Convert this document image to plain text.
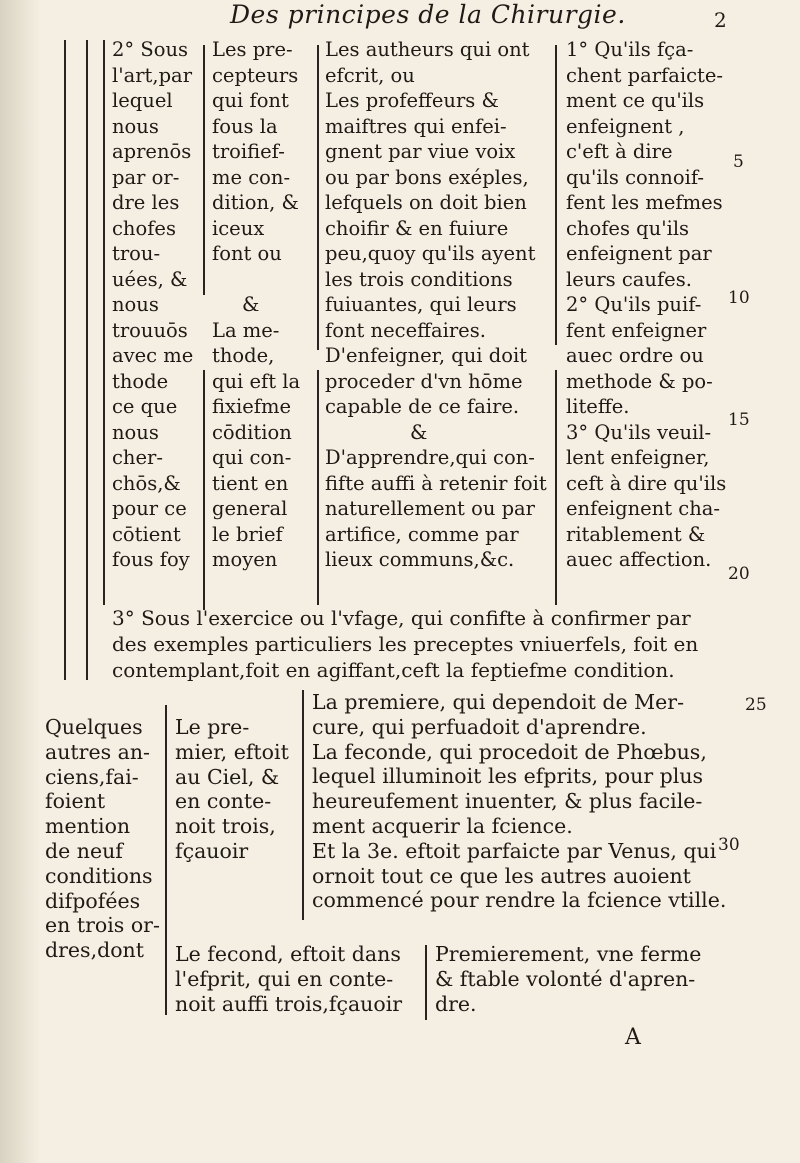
Des principes de la Chirurgie.	2
2° Sous
l'art,par
lequel
nous
aprenōs
par or-
dre les
chofes
trou-
uées, &
nous
trouuōs
avec me
thode
ce que
nous
cher-
chōs,&
pour ce
cōtient
fous foy
Les pre-
cepteurs
qui font
fous la
troifief-
me con-
dition, &
iceux
font ou
&
La me-
thode,
qui eft la
fixiefme
cōdition
qui con-
tient en
general
le brief
moyen
Les autheurs qui ont
efcrit, ou
Les profeffeurs &
maiftres qui enfei-
gnent par viue voix
ou par bons exéples,
lefquels on doit bien
choifir & en fuiure
peu,quoy qu'ils ayent
les trois conditions
fuiuantes, qui leurs
font neceffaires.
D'enfeigner, qui doit
proceder d'vn hōme
capable de ce faire.
&
D'apprendre,qui con-
fifte auffi à retenir foit
naturellement ou par
artifice, comme par
lieux communs,&c.
1° Qu'ils fça-
chent parfaicte-
ment ce qu'ils
enfeignent ,
c'eft à dire
qu'ils connoif-
fent les mefmes
chofes qu'ils
enfeignent par
leurs caufes.
2° Qu'ils puif-
fent enfeigner
auec ordre ou
methode & po-
liteffe.
3° Qu'ils veuil-
lent enfeigner,
ceft à dire qu'ils
enfeignent cha-
ritablement &
auec affection.
5
10
15
20
25
30
3° Sous l'exercice ou l'vfage, qui confifte à confirmer par
des exemples particuliers les preceptes vniuerfels, foit en
contemplant,foit en agiffant,ceft la feptiefme condition.
Quelques
autres an-
ciens,fai-
foient
mention
de neuf
conditions
difpofées
en trois or-
dres,dont
Le pre-
mier, eftoit
au Ciel, &
en conte-
noit trois,
fçauoir
La premiere, qui dependoit de Mer-
cure, qui perfuadoit d'aprendre.
La feconde, qui procedoit de Phœbus,
lequel illuminoit les efprits, pour plus
heureufement inuenter, & plus facile-
ment acquerir la fcience.
Et la 3e. eftoit parfaicte par Venus, qui
ornoit tout ce que les autres auoient
commencé pour rendre la fcience vtille.
Le fecond, eftoit dans
l'efprit, qui en conte-
noit auffi trois,fçauoir
Premierement, vne ferme
& ftable volonté d'apren-
dre.
A
